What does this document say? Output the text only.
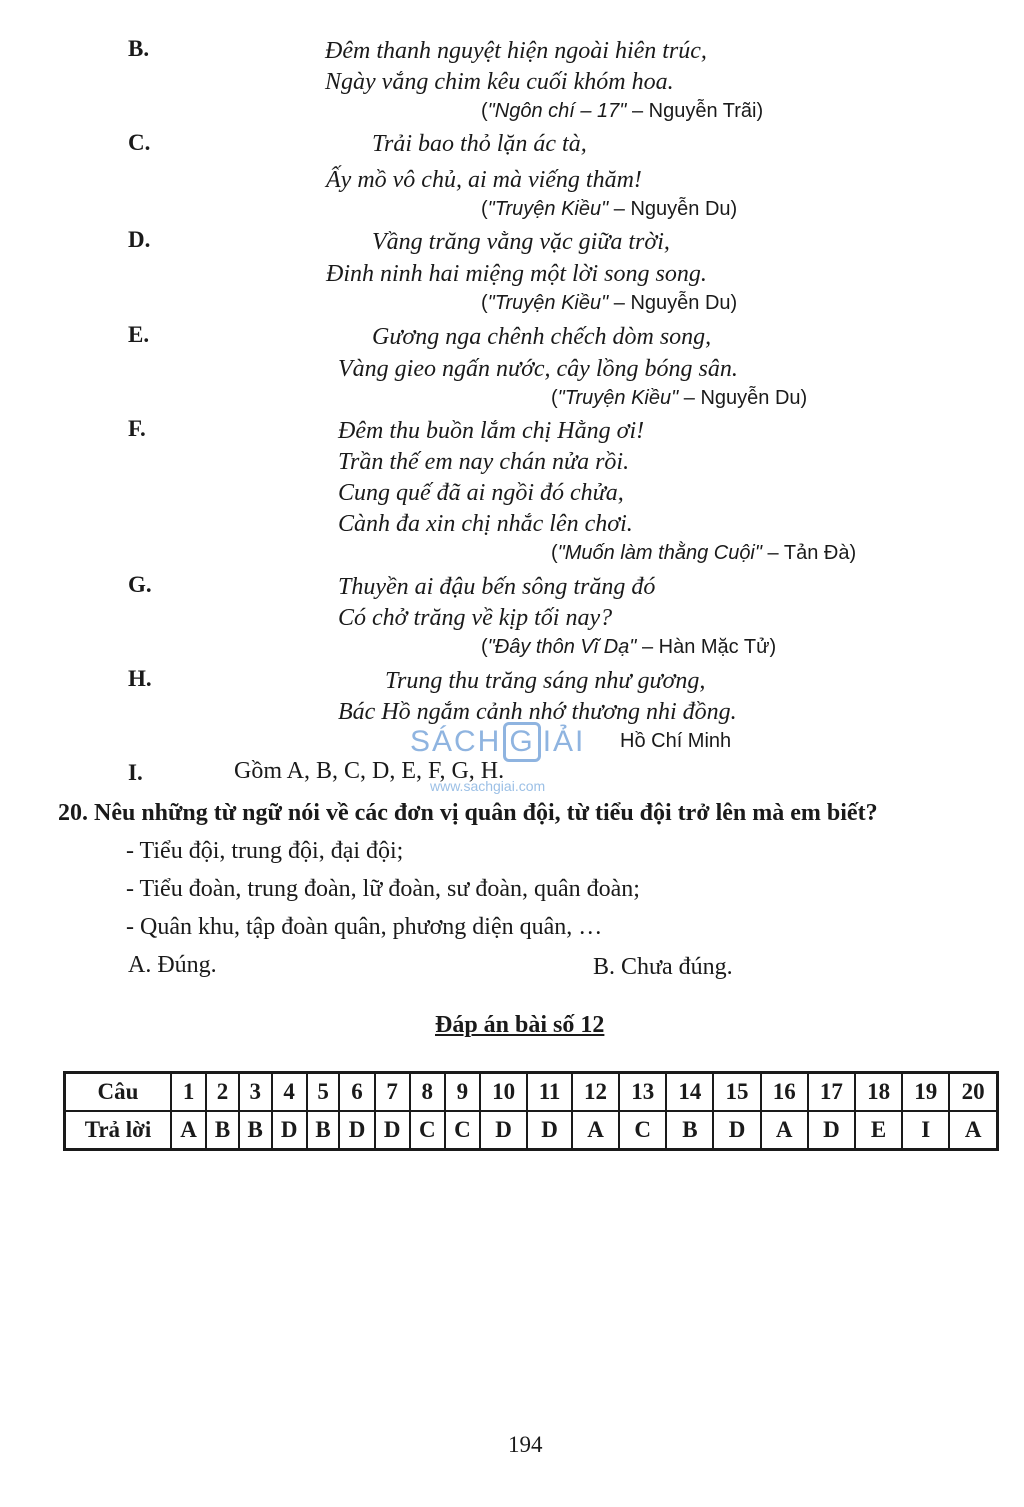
B.	Đêm thanh nguyệt hiện ngoài hiên trúc,
Ngày vắng chim kêu cuối khóm hoa.
("Ngôn chí – 17" – Nguyễn Trãi)
C.	Trải bao thỏ lặn ác tà,
Ấy mồ vô chủ, ai mà viếng thăm!
("Truyện Kiều" – Nguyễn Du)
D.	Vầng trăng vằng vặc giữa trời,
Đinh ninh hai miệng một lời song song.
("Truyện Kiều" – Nguyễn Du)
E.	Gương nga chênh chếch dòm song,
Vàng gieo ngấn nước, cây lồng bóng sân.
("Truyện Kiều" – Nguyễn Du)
F.	Đêm thu buồn lắm chị Hằng ơi!
Trần thế em nay chán nửa rồi.
Cung quế đã ai ngồi đó chửa,
Cành đa xin chị nhắc lên chơi.
("Muốn làm thằng Cuội" – Tản Đà)
G.	Thuyền ai đậu bến sông trăng đó
Có chở trăng về kịp tối nay?
("Đây thôn Vĩ Dạ" – Hàn Mặc Tử)
H.	Trung thu trăng sáng như gương,
Bác Hồ ngắm cảnh nhớ thương nhi đồng.
Hồ Chí Minh
SÁCH G IẢI
www.sachgiai.com
I.	Gồm A, B, C, D, E, F, G, H.
20. Nêu những từ ngữ nói về các đơn vị quân đội, từ tiểu đội trở lên mà em biết?
- Tiểu đội, trung đội, đại đội;
- Tiểu đoàn, trung đoàn, lữ đoàn, sư đoàn, quân đoàn;
- Quân khu, tập đoàn quân, phương diện quân, …
A. Đúng.	B. Chưa đúng.
Đáp án bài số 12
Câu	1	2	3	4	5	6	7	8	9	10	11	12	13	14	15	16	17	18	19	20
Trả lời	A	B	B	D	B	D	D	C	C	D	D	A	C	B	D	A	D	E	I	A
194
